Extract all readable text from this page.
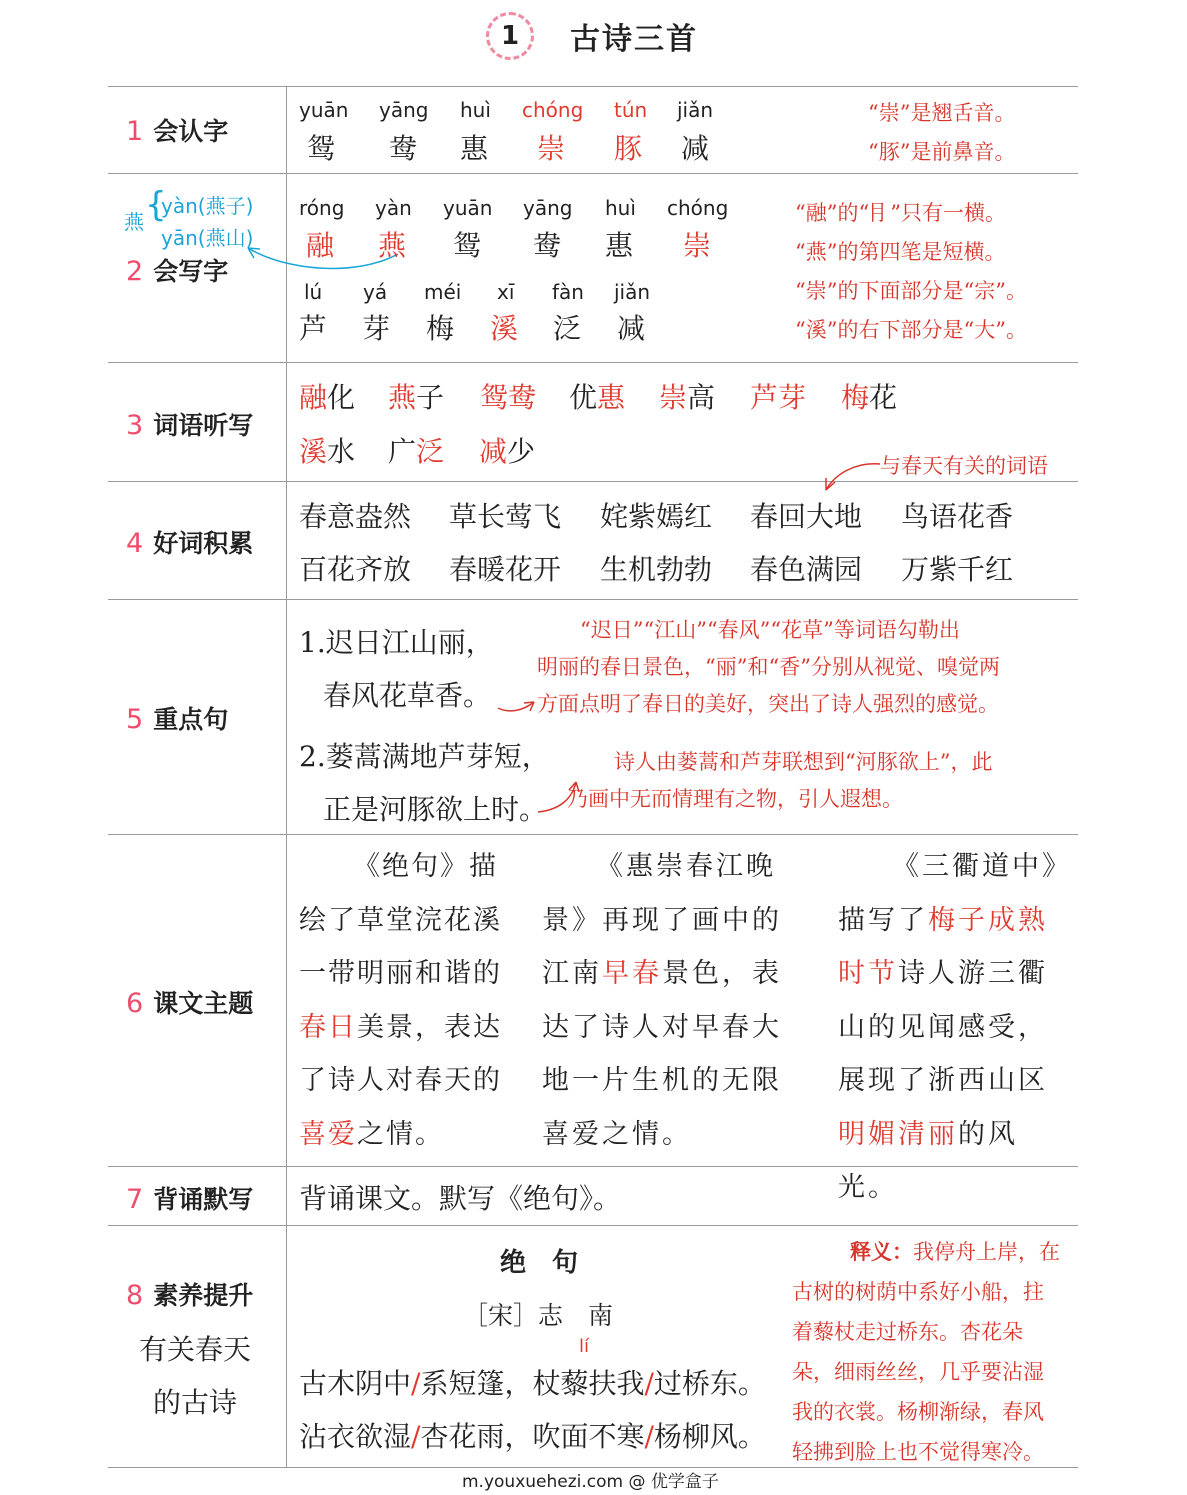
1	古诗三首
1 会认字
yuān yāng huì chóng tún jiǎn
鸳 鸯 惠 崇 豚 减
“崇”是翘舌音。
“豚”是前鼻音。
燕 {
yàn(燕子)
yān(燕山)
2 会写字
róng yàn yuān yāng huì chóng
融 燕 鸳 鸯 惠 崇
lú yá méi xī fàn jiǎn
芦 芽 梅 溪 泛 减
“融”的“⺝”只有一横。
“燕”的第四笔是短横。
“崇”的下面部分是“宗”。
“溪”的右下部分是“大”。
3 词语听写
融化 燕子 鸳鸯 优惠 崇高 芦芽 梅花
溪水 广泛 减少	与春天有关的词语
4 好词积累
春意盎然 草长莺飞 姹紫嫣红 春回大地 鸟语花香
百花齐放 春暖花开 生机勃勃 春色满园 万紫千红
5 重点句
1.迟日江山丽，
春风花草香。
2.蒌蒿满地芦芽短，
正是河豚欲上时。
“迟日”“江山”“春风”“花草”等词语勾勒出
明丽的春日景色，“丽”和“香”分别从视觉、嗅觉两
方面点明了春日的美好，突出了诗人强烈的感觉。
诗人由蒌蒿和芦芽联想到“河豚欲上”，此
乃画中无而情理有之物，引人遐想。
6 课文主题
《绝句》描绘了草堂浣花溪一带明丽和谐的春日美景，表达了诗人对春天的喜爱之情。
《惠崇春江晚景》再现了画中的江南早春景色，表达了诗人对早春大地一片生机的无限喜爱之情。
《三衢道中》描写了梅子成熟时节诗人游三衢山的见闻感受，展现了浙西山区明媚清丽的风光。
7 背诵默写	背诵课文。默写《绝句》。
8 素养提升
有关春天
的古诗
绝　句
［宋］志　南
lí
古木阴中/系短篷，杖藜扶我/过桥东。
沾衣欲湿/杏花雨，吹面不寒/杨柳风。
释义：我停舟上岸，在
古树的树荫中系好小船，拄
着藜杖走过桥东。杏花朵
朵，细雨丝丝，几乎要沾湿
我的衣裳。杨柳渐绿，春风
轻拂到脸上也不觉得寒冷。
m.youxuehezi.com @ 优学盒子
